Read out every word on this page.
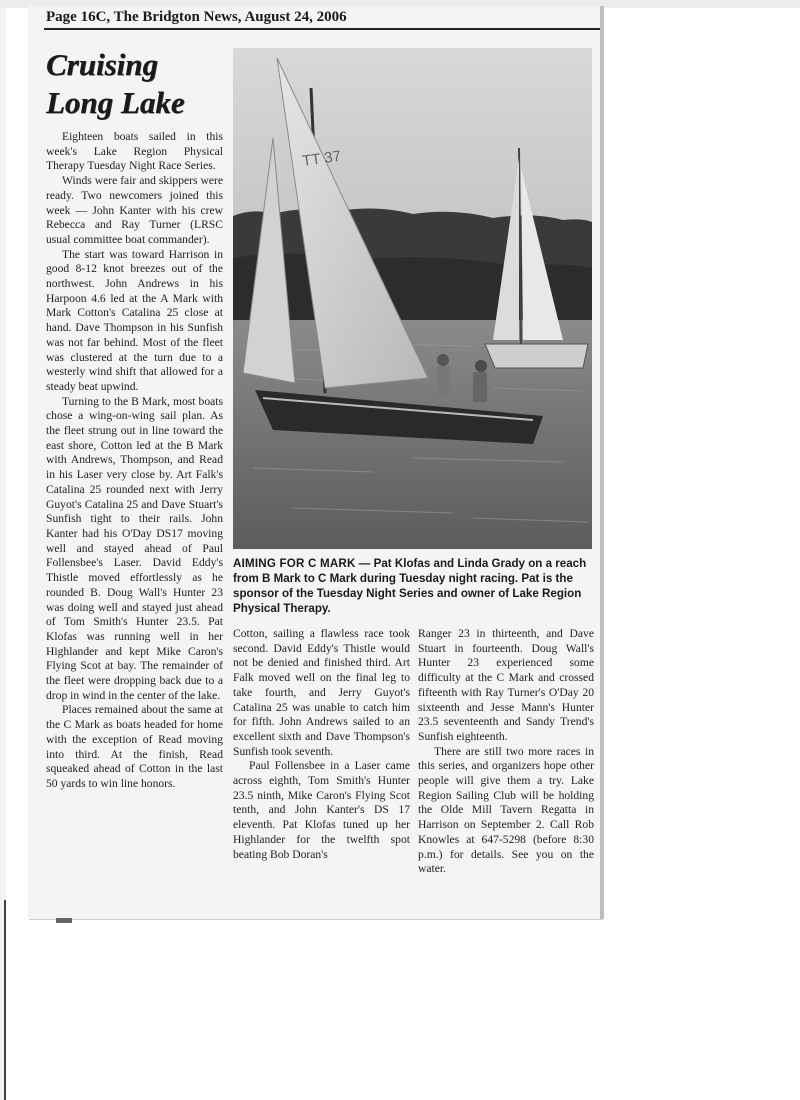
Page 16C, The Bridgton News, August 24, 2006
Cruising
Long Lake

Eighteen boats sailed in this week's Lake Region Physical Therapy Tuesday Night Race Series.

Winds were fair and skippers were ready. Two newcomers joined this week — John Kanter with his crew Rebecca and Ray Turner (LRSC usual committee boat commander).

The start was toward Harrison in good 8-12 knot breezes out of the northwest. John Andrews in his Harpoon 4.6 led at the A Mark with Mark Cotton's Catalina 25 close at hand. Dave Thompson in his Sunfish was not far behind. Most of the fleet was clustered at the turn due to a westerly wind shift that allowed for a steady beat upwind.

Turning to the B Mark, most boats chose a wing-on-wing sail plan. As the fleet strung out in line toward the east shore, Cotton led at the B Mark with Andrews, Thompson, and Read in his Laser very close by. Art Falk's Catalina 25 rounded next with Jerry Guyot's Catalina 25 and Dave Stuart's Sunfish tight to their rails. John Kanter had his O'Day DS17 moving well and stayed ahead of Paul Follensbee's Laser. David Eddy's Thistle moved effortlessly as he rounded B. Doug Wall's Hunter 23 was doing well and stayed just ahead of Tom Smith's Hunter 23.5. Pat Klofas was running well in her Highlander and kept Mike Caron's Flying Scot at bay. The remainder of the fleet were dropping back due to a drop in wind in the center of the lake.

Places remained about the same at the C Mark as boats headed for home with the exception of Read moving into third. At the finish, Read squeaked ahead of Cotton in the last 50 yards to win line honors.

TT 37
AIMING FOR C MARK — Pat Klofas and Linda Grady on a reach from B Mark to C Mark during Tuesday night racing. Pat is the sponsor of the Tuesday Night Series and owner of Lake Region Physical Therapy.

Cotton, sailing a flawless race took second. David Eddy's Thistle would not be denied and finished third. Art Falk moved well on the final leg to take fourth, and Jerry Guyot's Catalina 25 was unable to catch him for fifth. John Andrews sailed to an excellent sixth and Dave Thompson's Sunfish took seventh.

Paul Follensbee in a Laser came across eighth, Tom Smith's Hunter 23.5 ninth, Mike Caron's Flying Scot tenth, and John Kanter's DS 17 eleventh. Pat Klofas tuned up her Highlander for the twelfth spot beating Bob Doran's

Ranger 23 in thirteenth, and Dave Stuart in fourteenth. Doug Wall's Hunter 23 experienced some difficulty at the C Mark and crossed fifteenth with Ray Turner's O'Day 20 sixteenth and Jesse Mann's Hunter 23.5 seventeenth and Sandy Trend's Sunfish eighteenth.

There are still two more races in this series, and organizers hope other people will give them a try. Lake Region Sailing Club will be holding the Olde Mill Tavern Regatta in Harrison on September 2. Call Rob Knowles at 647-5298 (before 8:30 p.m.) for details. See you on the water.
